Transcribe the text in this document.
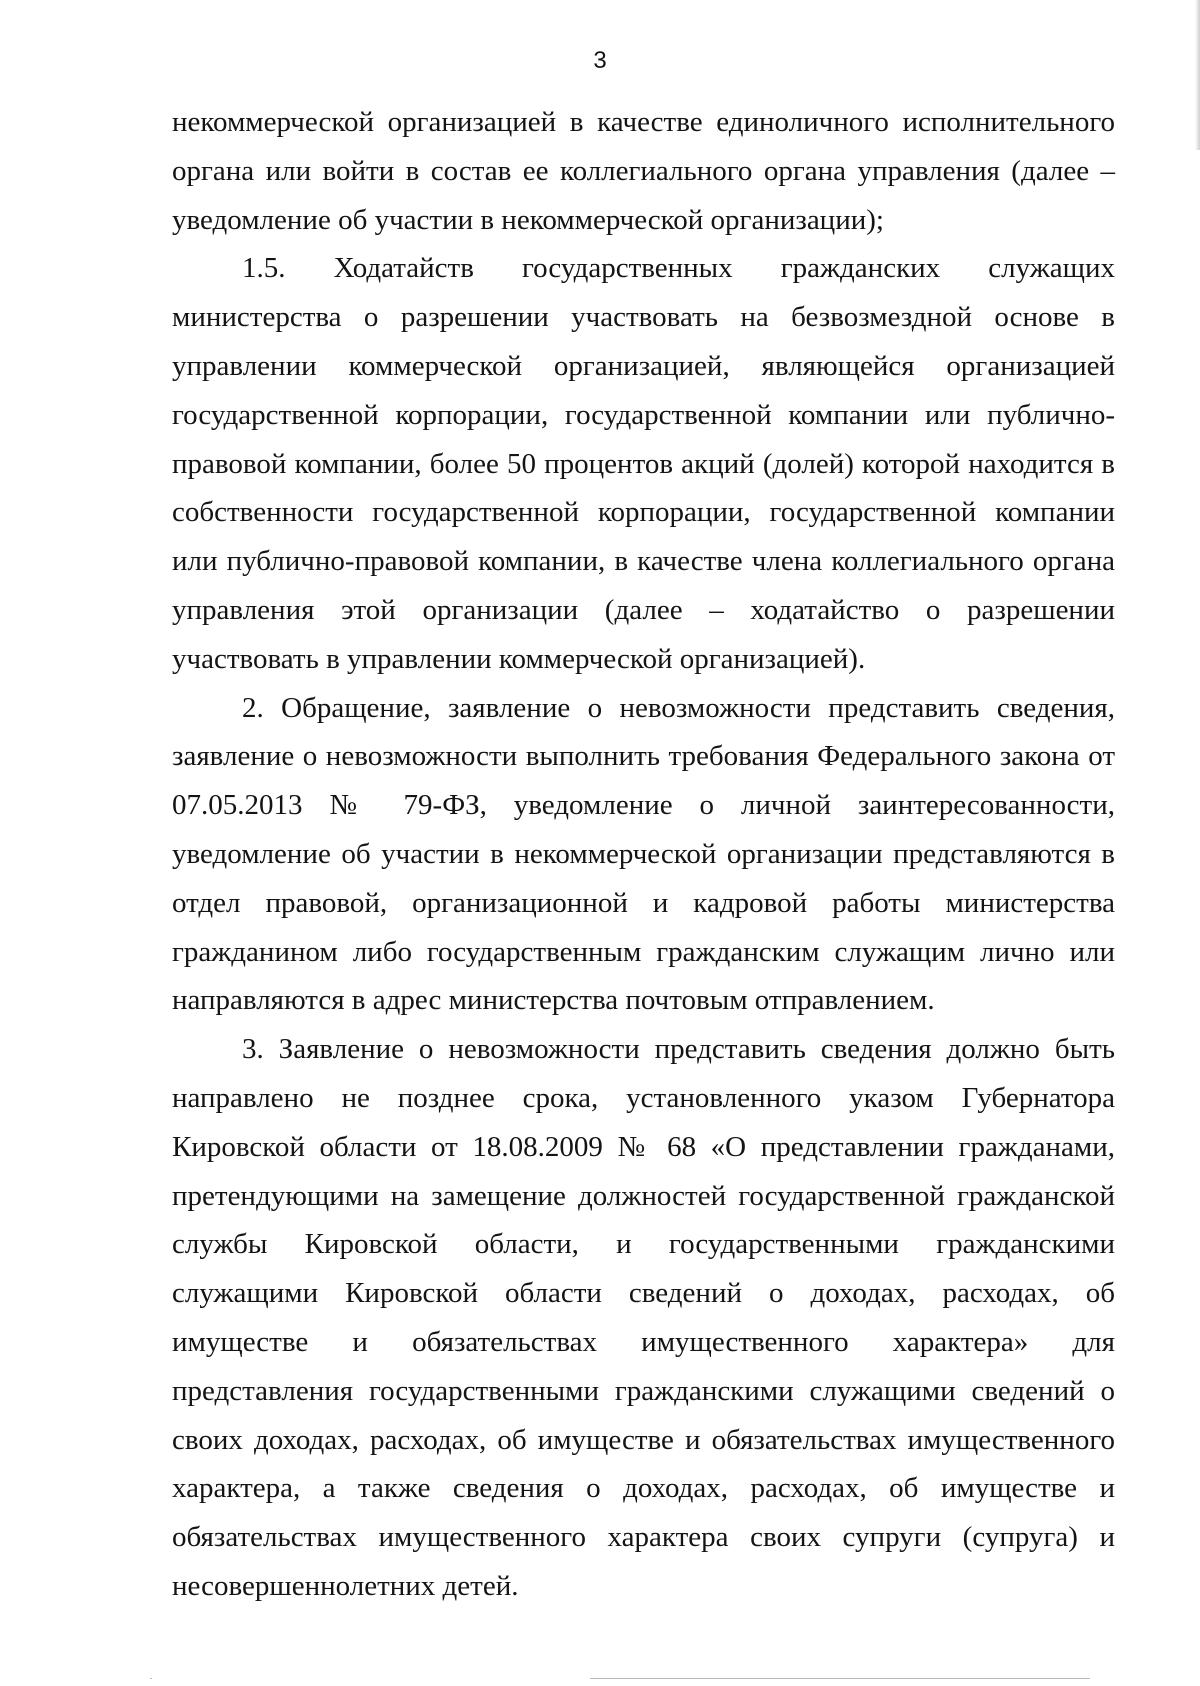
3

некоммерческой организацией в качестве единоличного исполнительного органа или войти в состав ее коллегиального органа управления (далее – уведомление об участии в некоммерческой организации);

1.5. Ходатайств государственных гражданских служащих министерства о разрешении участвовать на безвозмездной основе в управлении коммерческой организацией, являющейся организацией государственной корпорации, государственной компании или публично-правовой компании, более 50 процентов акций (долей) которой находится в собственности государственной корпорации, государственной компании или публично-правовой компании, в качестве члена коллегиального органа управления этой организации (далее – ходатайство о разрешении участвовать в управлении коммерческой организацией).

2. Обращение, заявление о невозможности представить сведения, заявление о невозможности выполнить требования Федерального закона от 07.05.2013 № 79-ФЗ, уведомление о личной заинтересованности, уведомление об участии в некоммерческой организации представляются в отдел правовой, организационной и кадровой работы министерства гражданином либо государственным гражданским служащим лично или направляются в адрес министерства почтовым отправлением.

3. Заявление о невозможности представить сведения должно быть направлено не позднее срока, установленного указом Губернатора Кировской области от 18.08.2009 № 68 «О представлении гражданами, претендующими на замещение должностей государственной гражданской службы Кировской области, и государственными гражданскими служащими Кировской области сведений о доходах, расходах, об имуществе и обязательствах имущественного характера» для представления государственными гражданскими служащими сведений о своих доходах, расходах, об имуществе и обязательствах имущественного характера, а также сведения о доходах, расходах, об имуществе и обязательствах имущественного характера своих супруги (супруга) и несовершеннолетних детей.
